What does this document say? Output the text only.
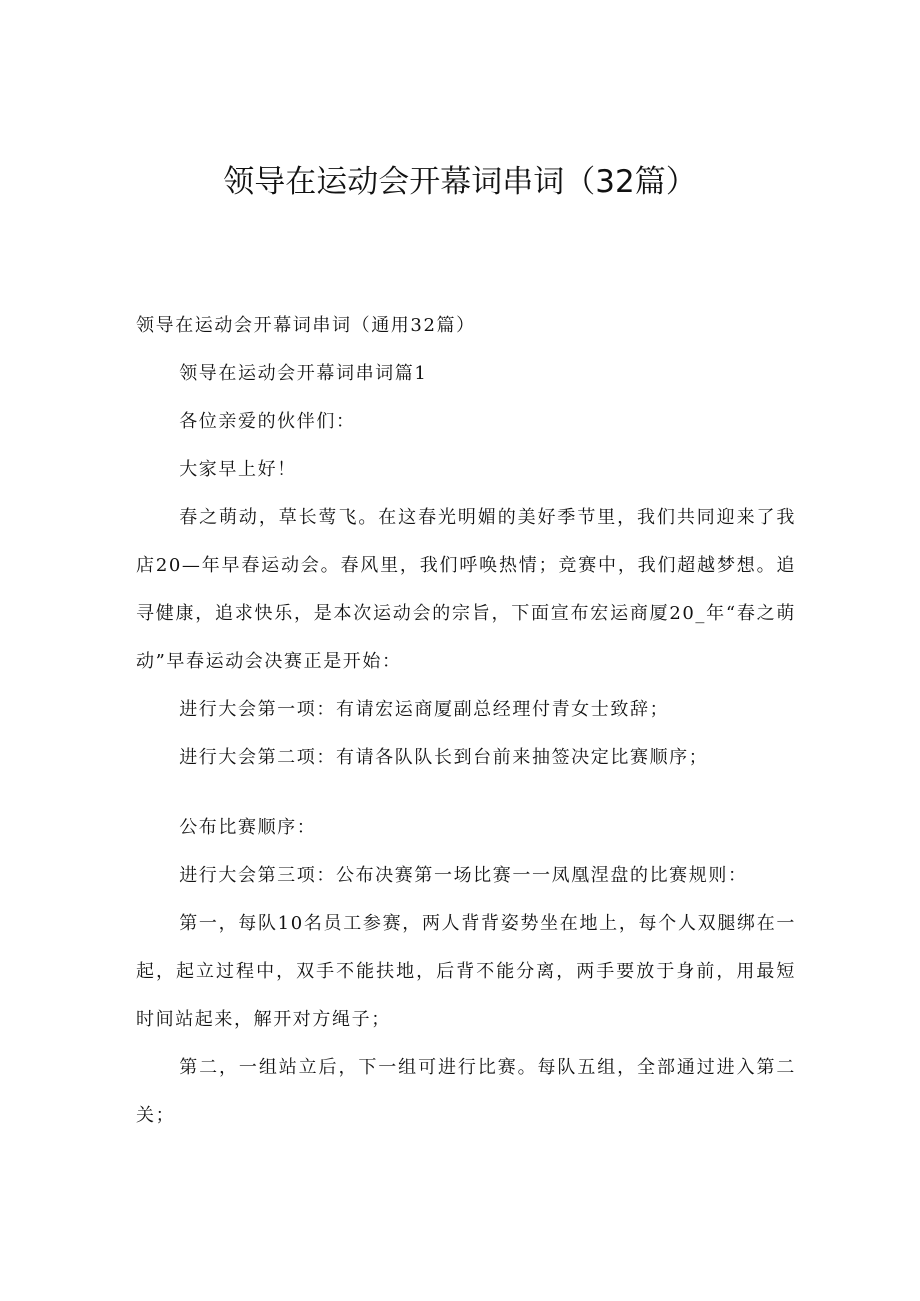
领导在运动会开幕词串词（32篇）

领导在运动会开幕词串词（通用32篇）

领导在运动会开幕词串词篇1

各位亲爱的伙伴们：

大家早上好！

春之萌动，草长莺飞。在这春光明媚的美好季节里，我们共同迎来了我店20—年早春运动会。春风里，我们呼唤热情；竞赛中，我们超越梦想。追寻健康，追求快乐，是本次运动会的宗旨，下面宣布宏运商厦20_年“春之萌动”早春运动会决赛正是开始：

进行大会第一项：有请宏运商厦副总经理付青女士致辞；

进行大会第二项：有请各队队长到台前来抽签决定比赛顺序；

公布比赛顺序：

进行大会第三项：公布决赛第一场比赛一一凤凰涅盘的比赛规则：

第一，每队10名员工参赛，两人背背姿势坐在地上，每个人双腿绑在一起，起立过程中，双手不能扶地，后背不能分离，两手要放于身前，用最短时间站起来，解开对方绳子；

第二，一组站立后，下一组可进行比赛。每队五组，全部通过进入第二关；
